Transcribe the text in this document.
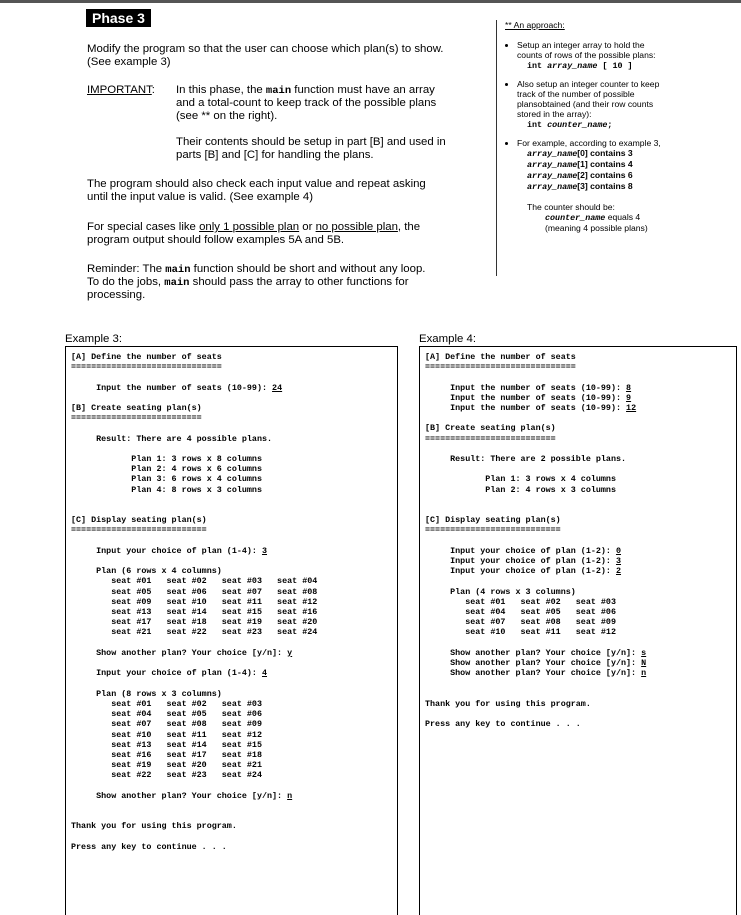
Phase 3

Modify the program so that the user can choose which plan(s) to show.

(See example 3)

IMPORTANT: In this phase, the main function must have an array

and a total-count to keep track of the possible plans

(see ** on the right).

Their contents should be setup in part [B] and used in

parts [B] and [C] for handling the plans.

The program should also check each input value and repeat asking

until the input value is valid. (See example 4)

For special cases like only 1 possible plan or no possible plan, the

program output should follow examples 5A and 5B.

Reminder: The main function should be short and without any loop.

To do the jobs, main should pass the array to other functions for

processing.

** An approach:

• Setup an integer array to hold the
counts of rows of the possible plans:
int array_name [ 10 ]
• Also setup an integer counter to keep
track of the number of possible
plansobtained (and their row counts
stored in the array):
int counter_name;
• For example, according to example 3,
array_name[0] contains 3
array_name[1] contains 4
array_name[2] contains 6
array_name[3] contains 8
The counter should be:
counter_name equals 4
(meaning 4 possible plans)
Example 3:	Example 4:
[A] Define the number of seats
==============================

Input the number of seats (10-99): 24

[B] Create seating plan(s)
==========================

Result: There are 4 possible plans.

Plan 1: 3 rows x 8 columns
Plan 2: 4 rows x 6 columns
Plan 3: 6 rows x 4 columns
Plan 4: 8 rows x 3 columns

[C] Display seating plan(s)
===========================

Input your choice of plan (1-4): 3

Plan (6 rows x 4 columns)
seat #01   seat #02   seat #03   seat #04
seat #05   seat #06   seat #07   seat #08
seat #09   seat #10   seat #11   seat #12
seat #13   seat #14   seat #15   seat #16
seat #17   seat #18   seat #19   seat #20
seat #21   seat #22   seat #23   seat #24

Show another plan? Your choice [y/n]: y

Input your choice of plan (1-4): 4

Plan (8 rows x 3 columns)
seat #01   seat #02   seat #03
seat #04   seat #05   seat #06
seat #07   seat #08   seat #09
seat #10   seat #11   seat #12
seat #13   seat #14   seat #15
seat #16   seat #17   seat #18
seat #19   seat #20   seat #21
seat #22   seat #23   seat #24

Show another plan? Your choice [y/n]: n

Thank you for using this program.

Press any key to continue . . .
[A] Define the number of seats
==============================

Input the number of seats (10-99): 8
Input the number of seats (10-99): 9
Input the number of seats (10-99): 12

[B] Create seating plan(s)
==========================

Result: There are 2 possible plans.

Plan 1: 3 rows x 4 columns
Plan 2: 4 rows x 3 columns

[C] Display seating plan(s)
===========================

Input your choice of plan (1-2): 0
Input your choice of plan (1-2): 3
Input your choice of plan (1-2): 2

Plan (4 rows x 3 columns)
seat #01   seat #02   seat #03
seat #04   seat #05   seat #06
seat #07   seat #08   seat #09
seat #10   seat #11   seat #12

Show another plan? Your choice [y/n]: s
Show another plan? Your choice [y/n]: N
Show another plan? Your choice [y/n]: n

Thank you for using this program.

Press any key to continue . . .
